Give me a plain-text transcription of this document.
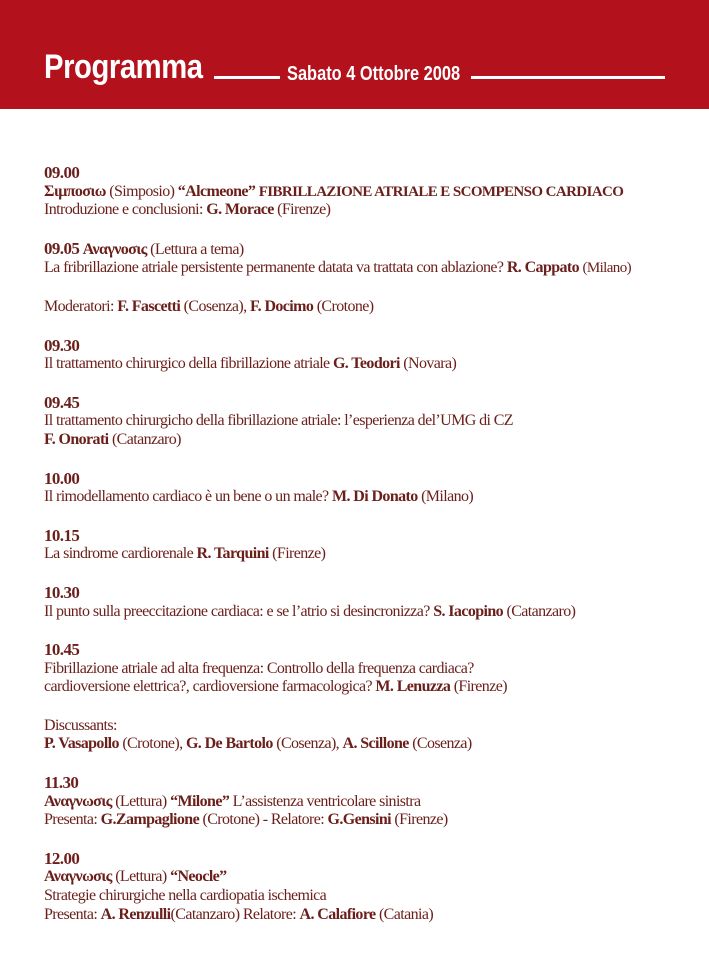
Programma	Sabato 4 Ottobre 2008
09.00
Σιμποσιω (Simposio) “Alcmeone” FIBRILLAZIONE ATRIALE E SCOMPENSO CARDIACO
Introduzione e conclusioni: G. Morace (Firenze)
09.05 Αναγνοσις (Lettura a tema)
La fribrillazione atriale persistente permanente datata va trattata con ablazione? R. Cappato (Milano)
Moderatori: F. Fascetti (Cosenza), F. Docimo (Crotone)
09.30
Il trattamento chirurgico della fibrillazione atriale G. Teodori (Novara)
09.45
Il trattamento chirurgicho della fibrillazione atriale: l’esperienza del’UMG di CZ
F. Onorati (Catanzaro)
10.00
Il rimodellamento cardiaco è un bene o un male? M. Di Donato (Milano)
10.15
La sindrome cardiorenale R. Tarquini (Firenze)
10.30
Il punto sulla preeccitazione cardiaca: e se l’atrio si desincronizza? S. Iacopino (Catanzaro)
10.45
Fibrillazione atriale ad alta frequenza: Controllo della frequenza cardiaca?
cardioversione elettrica?, cardioversione farmacologica? M. Lenuzza (Firenze)
Discussants:
P. Vasapollo (Crotone), G. De Bartolo (Cosenza), A. Scillone (Cosenza)
11.30
Αναγνωσις (Lettura) “Milone” L’assistenza ventricolare sinistra
Presenta: G.Zampaglione (Crotone) - Relatore: G.Gensini (Firenze)
12.00
Αναγνωσις (Lettura) “Neocle”
Strategie chirurgiche nella cardiopatia ischemica
Presenta: A. Renzulli(Catanzaro) Relatore: A. Calafiore (Catania)
